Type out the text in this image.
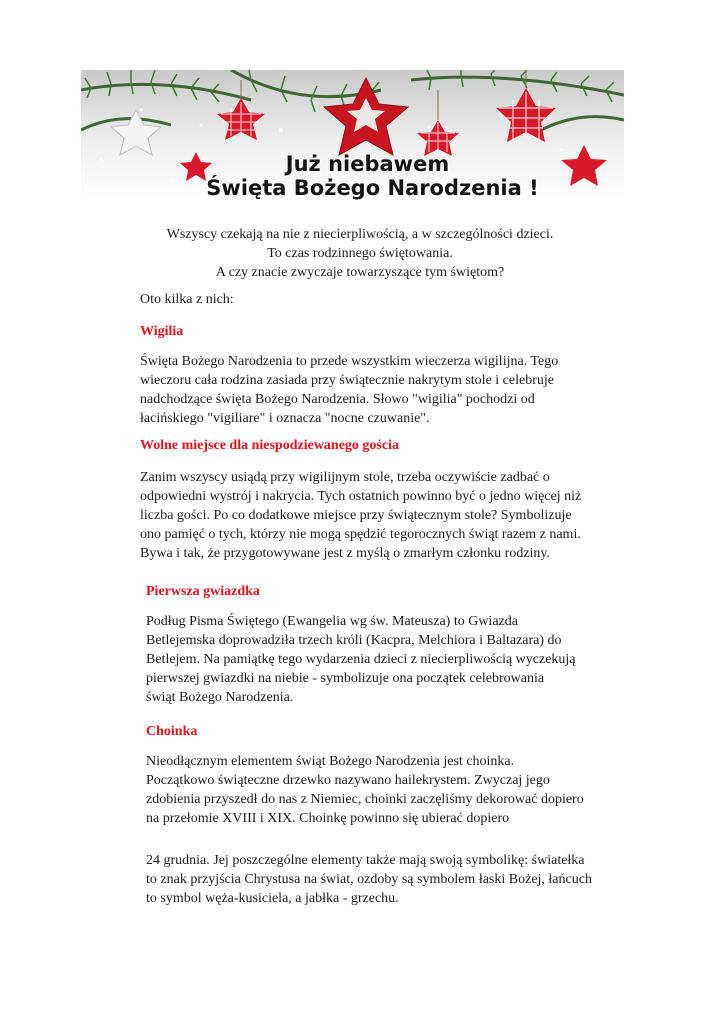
Już niebawem
Święta Bożego Narodzenia !
Wszyscy czekają na nie z niecierpliwością, a w szczególności dzieci.
To czas rodzinnego świętowania.
A czy znacie zwyczaje towarzyszące tym świętom?
Oto kilka z nich:
Wigilia
Święta Bożego Narodzenia to przede wszystkim wieczerza wigilijna. Tego wieczoru cała rodzina zasiada przy świątecznie nakrytym stole i celebruje nadchodzące święta Bożego Narodzenia. Słowo "wigilia" pochodzi od łacińskiego "vigiliare" i oznacza "nocne czuwanie".
Wolne miejsce dla niespodziewanego gościa
Zanim wszyscy usiądą przy wigilijnym stole, trzeba oczywiście zadbać o odpowiedni wystrój i nakrycia. Tych ostatnich powinno być o jedno więcej niż liczba gości. Po co dodatkowe miejsce przy świątecznym stole? Symbolizuje ono pamięć o tych, którzy nie mogą spędzić tegorocznych świąt razem z nami. Bywa i tak, że przygotowywane jest z myślą o zmarłym członku rodziny.
Pierwsza gwiazdka
Podług Pisma Świętego (Ewangelia wg św. Mateusza) to Gwiazda Betlejemska doprowadziła trzech króli (Kacpra, Melchiora i Baltazara) do Betlejem. Na pamiątkę tego wydarzenia dzieci z niecierpliwością wyczekują pierwszej gwiazdki na niebie - symbolizuje ona początek celebrowania świąt Bożego Narodzenia.
Choinka
Nieodłącznym elementem świąt Bożego Narodzenia jest choinka. Początkowo świąteczne drzewko nazywano hailekrystem. Zwyczaj jego zdobienia przyszedł do nas z Niemiec, choinki zaczęliśmy dekorować dopiero na przełomie XVIII i XIX. Choinkę powinno się ubierać dopiero
24 grudnia. Jej poszczególne elementy także mają swoją symbolikę: światełka to znak przyjścia Chrystusa na świat, ozdoby są symbolem łaski Bożej, łańcuch to symbol węża-kusiciela, a jabłka - grzechu.
